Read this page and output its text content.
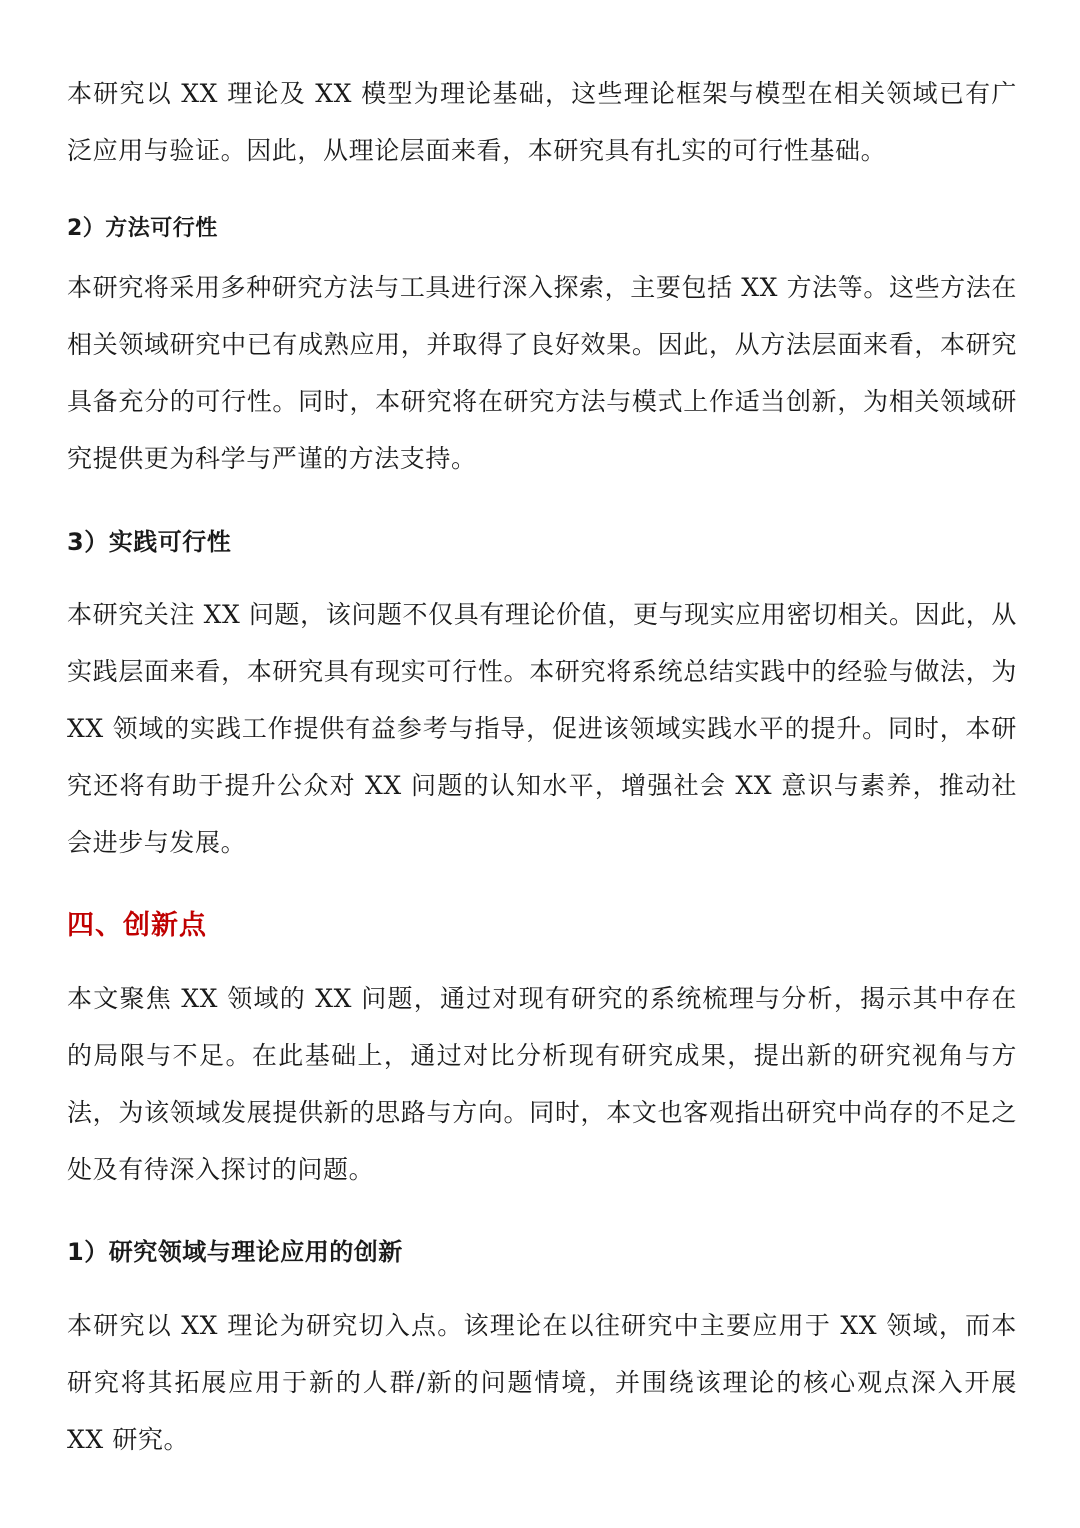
本研究以 XX 理论及 XX 模型为理论基础，这些理论框架与模型在相关领域已有广泛应用与验证。因此，从理论层面来看，本研究具有扎实的可行性基础。

2）方法可行性

本研究将采用多种研究方法与工具进行深入探索，主要包括 XX 方法等。这些方法在相关领域研究中已有成熟应用，并取得了良好效果。因此，从方法层面来看，本研究具备充分的可行性。同时，本研究将在研究方法与模式上作适当创新，为相关领域研究提供更为科学与严谨的方法支持。

3）实践可行性

本研究关注 XX 问题，该问题不仅具有理论价值，更与现实应用密切相关。因此，从实践层面来看，本研究具有现实可行性。本研究将系统总结实践中的经验与做法，为 XX 领域的实践工作提供有益参考与指导，促进该领域实践水平的提升。同时，本研究还将有助于提升公众对 XX 问题的认知水平，增强社会 XX 意识与素养，推动社会进步与发展。

四、创新点

本文聚焦 XX 领域的 XX 问题，通过对现有研究的系统梳理与分析，揭示其中存在的局限与不足。在此基础上，通过对比分析现有研究成果，提出新的研究视角与方法，为该领域发展提供新的思路与方向。同时，本文也客观指出研究中尚存的不足之处及有待深入探讨的问题。

1）研究领域与理论应用的创新

本研究以 XX 理论为研究切入点。该理论在以往研究中主要应用于 XX 领域，而本研究将其拓展应用于新的人群/新的问题情境，并围绕该理论的核心观点深入开展 XX 研究。
